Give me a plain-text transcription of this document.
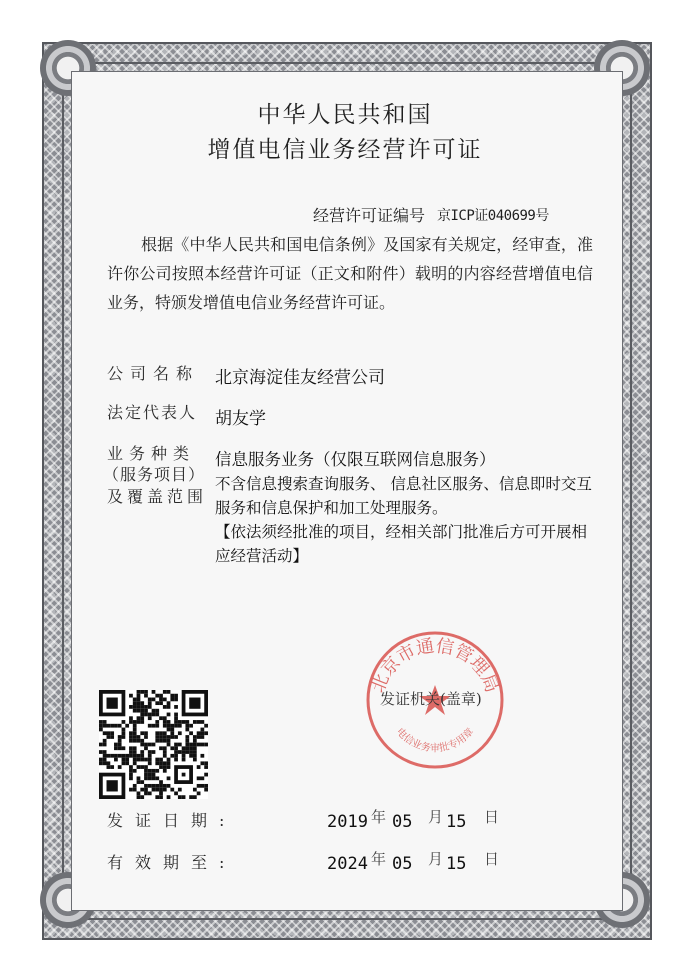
中华人民共和国
增值电信业务经营许可证
经营许可证编号 京ICP证040699号
根据《中华人民共和国电信条例》及国家有关规定，经审查，准许你公司按照本经营许可证（正文和附件）载明的内容经营增值电信业务，特颁发增值电信业务经营许可证。
公司名称 北京海淀佳友经营公司
法定代表人 胡友学
业务种类
（服务项目）
及覆盖范围
信息服务业务（仅限互联网信息服务）
不含信息搜索查询服务、 信息社区服务、信息即时交互服务和信息保护和加工处理服务。
【依法须经批准的项目，经相关部门批准后方可开展相应经营活动】
北京市通信管理局
电信业务审批专用章
发证机关(盖章)
发证日期:	2019 年 05 月 15 日
有效期至:	2024 年 05 月 15 日
